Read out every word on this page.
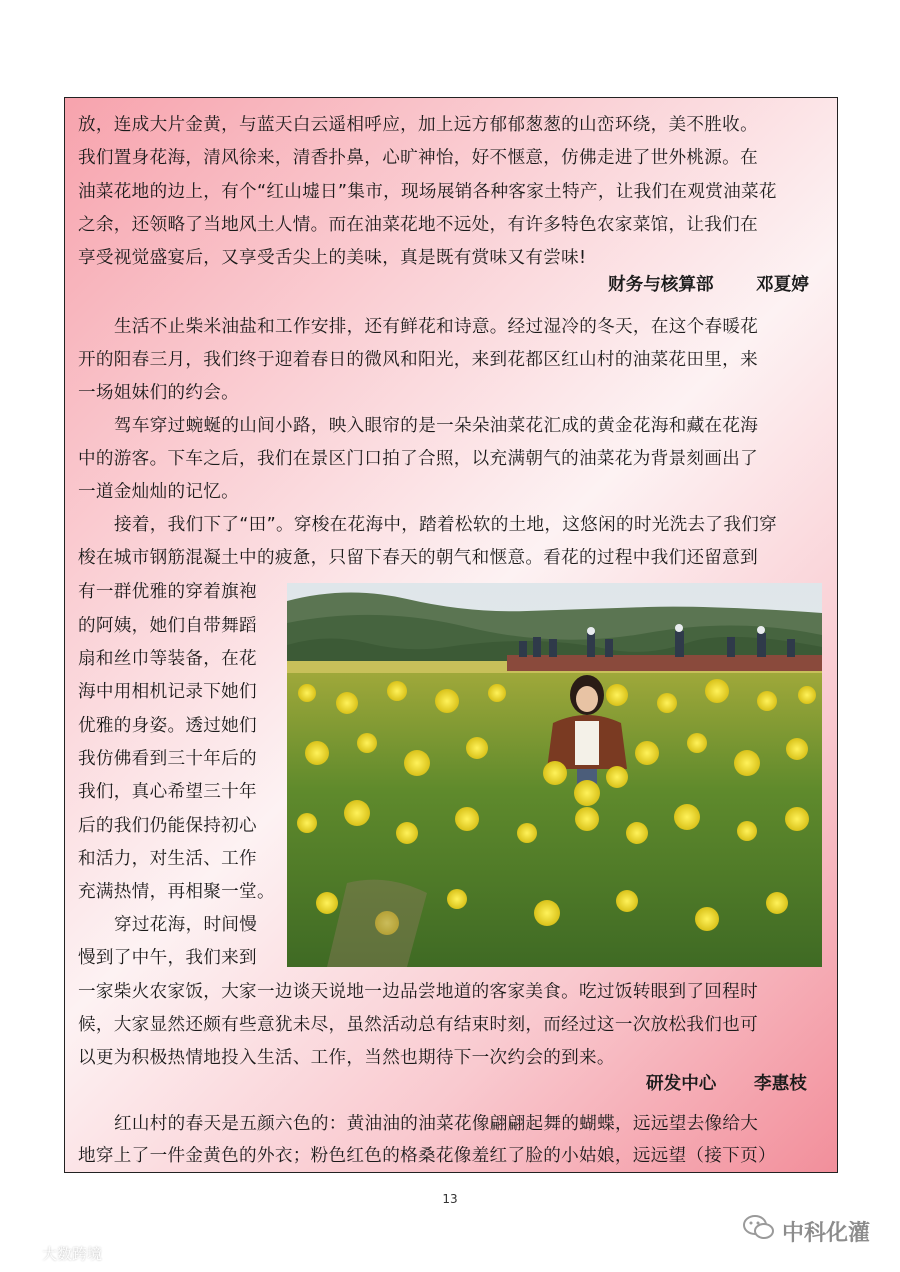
放，连成大片金黄，与蓝天白云遥相呼应，加上远方郁郁葱葱的山峦环绕，美不胜收。
我们置身花海，清风徐来，清香扑鼻，心旷神怡，好不惬意，仿佛走进了世外桃源。在
油菜花地的边上，有个“红山墟日”集市，现场展销各种客家土特产，让我们在观赏油菜花
之余，还领略了当地风土人情。而在油菜花地不远处，有许多特色农家菜馆，让我们在
享受视觉盛宴后，又享受舌尖上的美味，真是既有赏味又有尝味!
财务与核算部 邓夏婷
生活不止柴米油盐和工作安排，还有鲜花和诗意。经过湿冷的冬天，在这个春暖花
开的阳春三月，我们终于迎着春日的微风和阳光，来到花都区红山村的油菜花田里，来
一场姐妹们的约会。
驾车穿过蜿蜒的山间小路，映入眼帘的是一朵朵油菜花汇成的黄金花海和藏在花海
中的游客。下车之后，我们在景区门口拍了合照，以充满朝气的油菜花为背景刻画出了
一道金灿灿的记忆。
接着，我们下了“田”。穿梭在花海中，踏着松软的土地，这悠闲的时光洗去了我们穿
梭在城市钢筋混凝土中的疲惫，只留下春天的朝气和惬意。看花的过程中我们还留意到
有一群优雅的穿着旗袍
的阿姨，她们自带舞蹈
扇和丝巾等装备，在花
海中用相机记录下她们
优雅的身姿。透过她们
我仿佛看到三十年后的
我们，真心希望三十年
后的我们仍能保持初心
和活力，对生活、工作
充满热情，再相聚一堂。
穿过花海，时间慢
慢到了中午，我们来到
一家柴火农家饭，大家一边谈天说地一边品尝地道的客家美食。吃过饭转眼到了回程时
候，大家显然还颇有些意犹未尽，虽然活动总有结束时刻，而经过这一次放松我们也可
以更为积极热情地投入生活、工作，当然也期待下一次约会的到来。
研发中心 李惠枝
红山村的春天是五颜六色的：黄油油的油菜花像翩翩起舞的蝴蝶，远远望去像给大
地穿上了一件金黄色的外衣；粉色红色的格桑花像羞红了脸的小姑娘，远远望（接下页）
13
大数跨境
中科化灌
